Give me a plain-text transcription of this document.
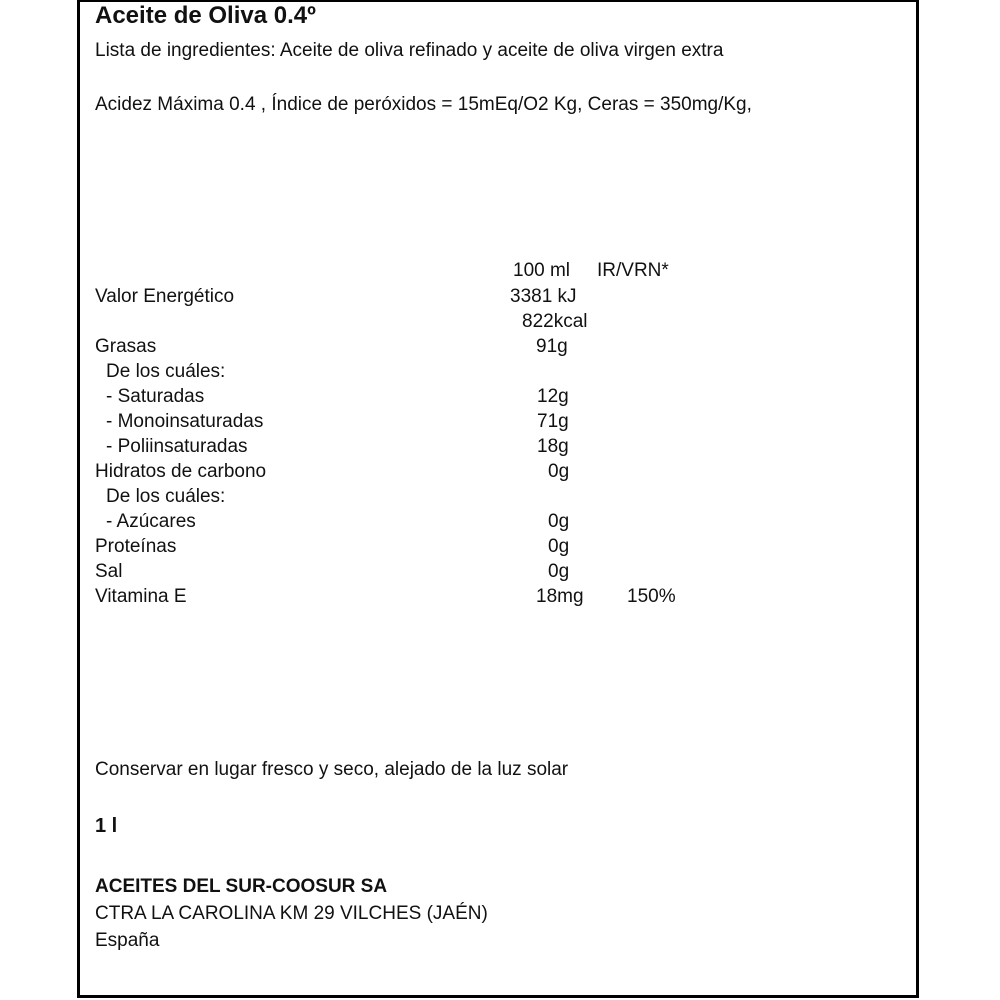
Aceite de Oliva 0.4º
Lista de ingredientes: Aceite de oliva refinado y aceite de oliva virgen extra
Acidez Máxima 0.4 , Índice de peróxidos = 15mEq/O2 Kg, Ceras = 350mg/Kg,
100 ml IR/VRN*
Valor Energético	3381 kJ
822kcal
Grasas	91g
De los cuáles:
- Saturadas	12g
- Monoinsaturadas	71g
- Poliinsaturadas	18g
Hidratos de carbono	0g
De los cuáles:
- Azúcares	0g
Proteínas	0g
Sal	0g
Vitamina E	18mg 150%
Conservar en lugar fresco y seco, alejado de la luz solar
1 l
ACEITES DEL SUR-COOSUR SA
CTRA LA CAROLINA KM 29 VILCHES (JAÉN)
España
